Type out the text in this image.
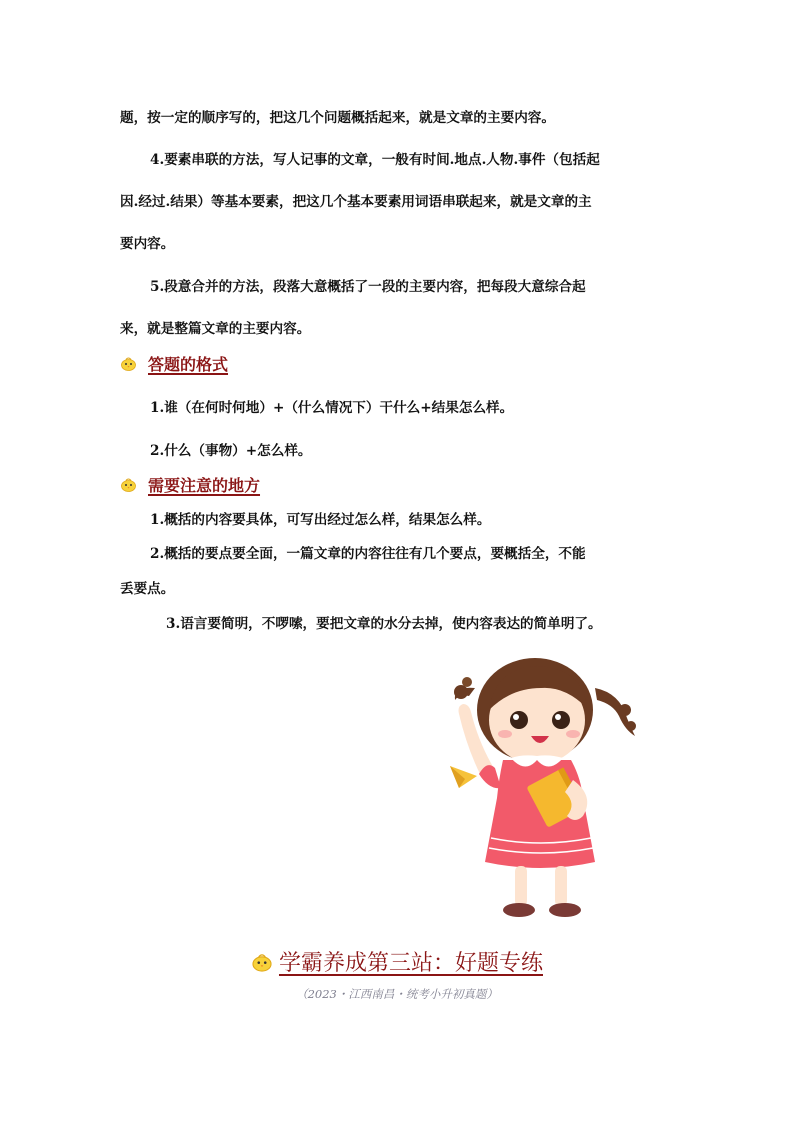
题，按一定的顺序写的，把这几个问题概括起来，就是文章的主要内容。
4.要素串联的方法，写人记事的文章，一般有时间.地点.人物.事件（包括起
因.经过.结果）等基本要素，把这几个基本要素用词语串联起来，就是文章的主
要内容。
5.段意合并的方法，段落大意概括了一段的主要内容，把每段大意综合起
来，就是整篇文章的主要内容。
答题的格式
1.谁（在何时何地）+（什么情况下）干什么+结果怎么样。
2.什么（事物）+怎么样。
需要注意的地方
1.概括的内容要具体，可写出经过怎么样，结果怎么样。
2.概括的要点要全面，一篇文章的内容往往有几个要点，要概括全，不能
丢要点。
3.语言要简明，不啰嗦，要把文章的水分去掉，使内容表达的简单明了。
学霸养成第三站：好题专练
（2023・江西南昌・统考小升初真题）
